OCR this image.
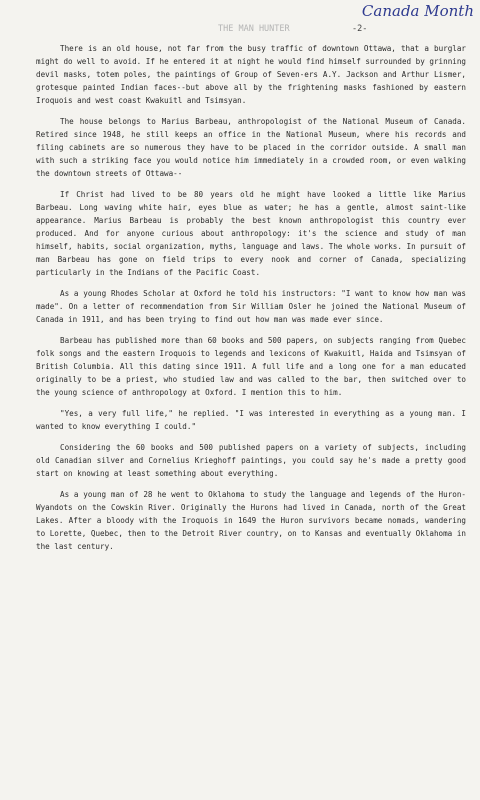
Canada Month
THE MAN HUNTER	-2-

There is an old house, not far from the busy traffic of downtown Ottawa, that a burglar might do well to avoid. If he entered it at night he would find himself surrounded by grinning devil masks, totem poles, the paintings of Group of Seven-ers A.Y. Jackson and Arthur Lismer, grotesque painted Indian faces--but above all by the frightening masks fashioned by eastern Iroquois and west coast Kwakuitl and Tsimsyan.

The house belongs to Marius Barbeau, anthropologist of the National Museum of Canada. Retired since 1948, he still keeps an office in the National Museum, where his records and filing cabinets are so numerous they have to be placed in the corridor outside. A small man with such a striking face you would notice him immediately in a crowded room, or even walking the downtown streets of Ottawa--

If Christ had lived to be 80 years old he might have looked a little like Marius Barbeau. Long waving white hair, eyes blue as water; he has a gentle, almost saint-like appearance. Marius Barbeau is probably the best known anthropologist this country ever produced. And for anyone curious about anthropology: it's the science and study of man himself, habits, social organization, myths, language and laws. The whole works. In pursuit of man Barbeau has gone on field trips to every nook and corner of Canada, specializing particularly in the Indians of the Pacific Coast.

As a young Rhodes Scholar at Oxford he told his instructors: "I want to know how man was made". On a letter of recommendation from Sir William Osler he joined the National Museum of Canada in 1911, and has been trying to find out how man was made ever since.

Barbeau has published more than 60 books and 500 papers, on subjects ranging from Quebec folk songs and the eastern Iroquois to legends and lexicons of Kwakuitl, Haida and Tsimsyan of British Columbia. All this dating since 1911. A full life and a long one for a man educated originally to be a priest, who studied law and was called to the bar, then switched over to the young science of anthropology at Oxford. I mention this to him.

"Yes, a very full life," he replied. "I was interested in everything as a young man. I wanted to know everything I could."

Considering the 60 books and 500 published papers on a variety of subjects, including old Canadian silver and Cornelius Krieghoff paintings, you could say he's made a pretty good start on knowing at least something about everything.

As a young man of 28 he went to Oklahoma to study the language and legends of the Huron-Wyandots on the Cowskin River. Originally the Hurons had lived in Canada, north of the Great Lakes. After a bloody with the Iroquois in 1649 the Huron survivors became nomads, wandering to Lorette, Quebec, then to the Detroit River country, on to Kansas and eventually Oklahoma in the last century.
